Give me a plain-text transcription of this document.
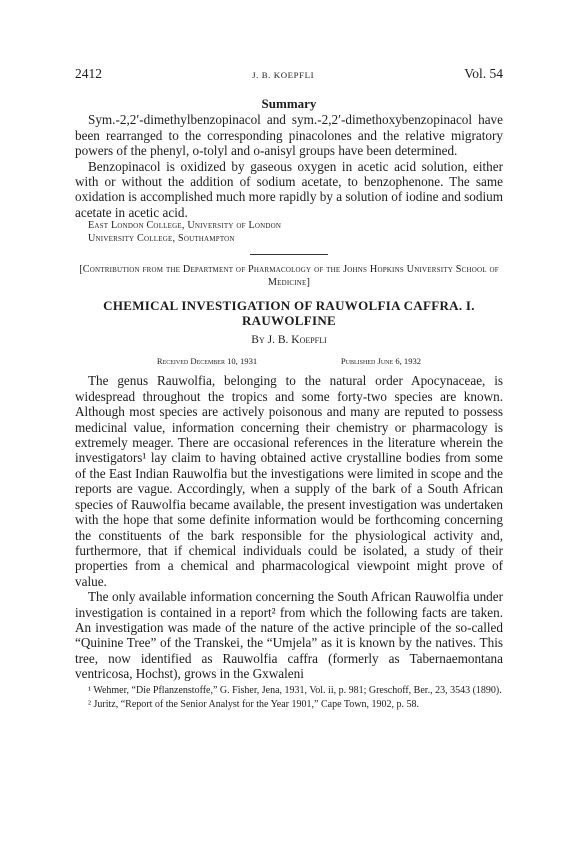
2412	J. B. KOEPFLI	Vol. 54
Summary

Sym.-2,2′-dimethylbenzopinacol and sym.-2,2′-dimethoxybenzopinacol have been rearranged to the corresponding pinacolones and the relative migratory powers of the phenyl, o-tolyl and o-anisyl groups have been determined.

Benzopinacol is oxidized by gaseous oxygen in acetic acid solution, either with or without the addition of sodium acetate, to benzophenone. The same oxidation is accomplished much more rapidly by a solution of iodine and sodium acetate in acetic acid.

East London College, University of London
University College, Southampton
[Contribution from the Department of Pharmacology of the Johns Hopkins University School of Medicine]
CHEMICAL INVESTIGATION OF RAUWOLFIA CAFFRA. I. RAUWOLFINE
By J. B. Koepfli
Received December 10, 1931	Published June 6, 1932

The genus Rauwolfia, belonging to the natural order Apocynaceae, is widespread throughout the tropics and some forty-two species are known. Although most species are actively poisonous and many are reputed to possess medicinal value, information concerning their chemistry or pharmacology is extremely meager. There are occasional references in the literature wherein the investigators¹ lay claim to having obtained active crystalline bodies from some of the East Indian Rauwolfia but the investigations were limited in scope and the reports are vague. Accordingly, when a supply of the bark of a South African species of Rauwolfia became available, the present investigation was undertaken with the hope that some definite information would be forthcoming concerning the constituents of the bark responsible for the physiological activity and, furthermore, that if chemical individuals could be isolated, a study of their properties from a chemical and pharmacological viewpoint might prove of value.

The only available information concerning the South African Rauwolfia under investigation is contained in a report² from which the following facts are taken. An investigation was made of the nature of the active principle of the so-called “Quinine Tree” of the Transkei, the “Umjela” as it is known by the natives. This tree, now identified as Rauwolfia caffra (formerly as Tabernaemontana ventricosa, Hochst), grows in the Gxwaleni

¹ Wehmer, “Die Pflanzenstoffe,” G. Fisher, Jena, 1931, Vol. ii, p. 981; Greschoff, Ber., 23, 3543 (1890).
² Juritz, “Report of the Senior Analyst for the Year 1901,” Cape Town, 1902, p. 58.
